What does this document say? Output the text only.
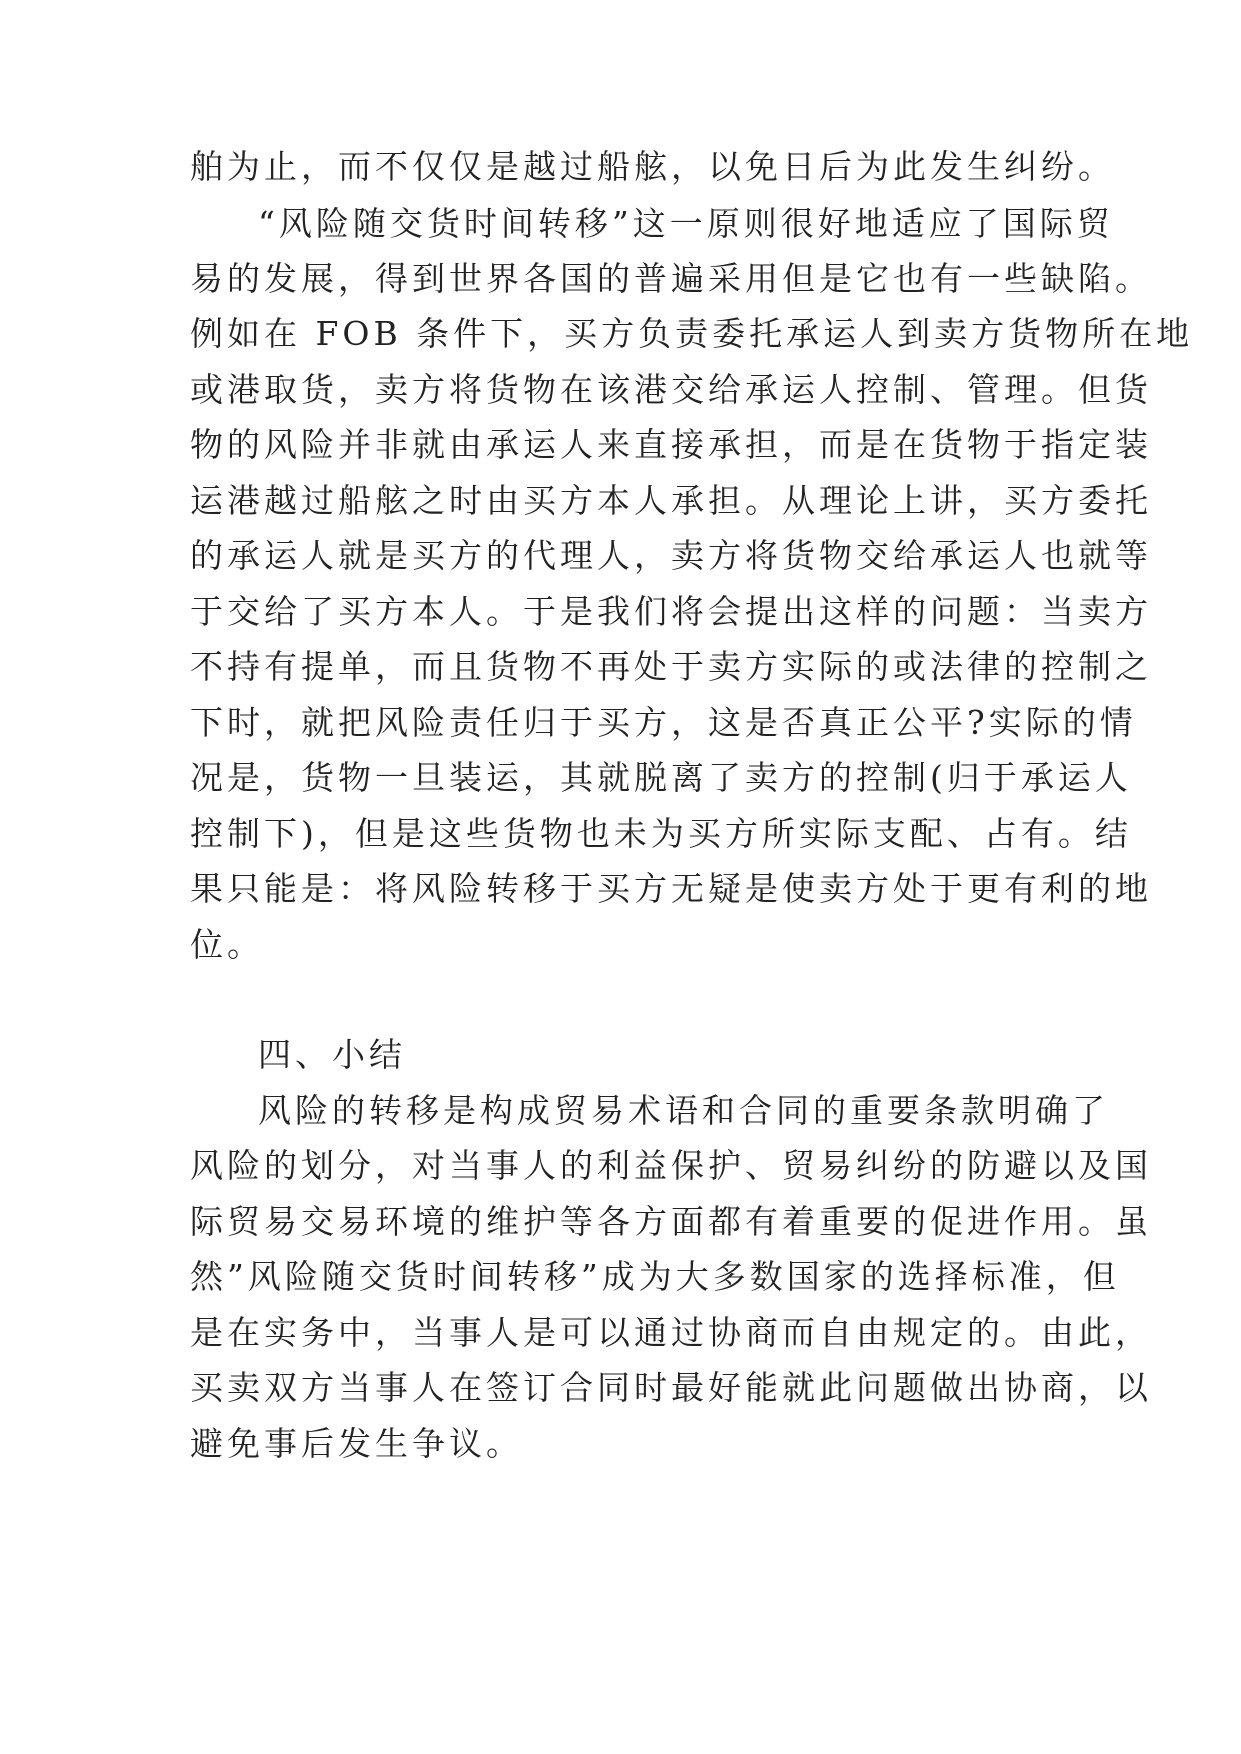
舶为止，而不仅仅是越过船舷，以免日后为此发生纠纷。
“风险随交货时间转移”这一原则很好地适应了国际贸
易的发展，得到世界各国的普遍采用但是它也有一些缺陷。
例如在 FOB 条件下，买方负责委托承运人到卖方货物所在地
或港取货，卖方将货物在该港交给承运人控制、管理。但货
物的风险并非就由承运人来直接承担，而是在货物于指定装
运港越过船舷之时由买方本人承担。从理论上讲，买方委托
的承运人就是买方的代理人，卖方将货物交给承运人也就等
于交给了买方本人。于是我们将会提出这样的问题：当卖方
不持有提单，而且货物不再处于卖方实际的或法律的控制之
下时，就把风险责任归于买方，这是否真正公平?实际的情
况是，货物一旦装运，其就脱离了卖方的控制(归于承运人
控制下)，但是这些货物也未为买方所实际支配、占有。结
果只能是：将风险转移于买方无疑是使卖方处于更有利的地
位。
四、小结
风险的转移是构成贸易术语和合同的重要条款明确了
风险的划分，对当事人的利益保护、贸易纠纷的防避以及国
际贸易交易环境的维护等各方面都有着重要的促进作用。虽
然”风险随交货时间转移”成为大多数国家的选择标准，但
是在实务中，当事人是可以通过协商而自由规定的。由此，
买卖双方当事人在签订合同时最好能就此问题做出协商，以
避免事后发生争议。
